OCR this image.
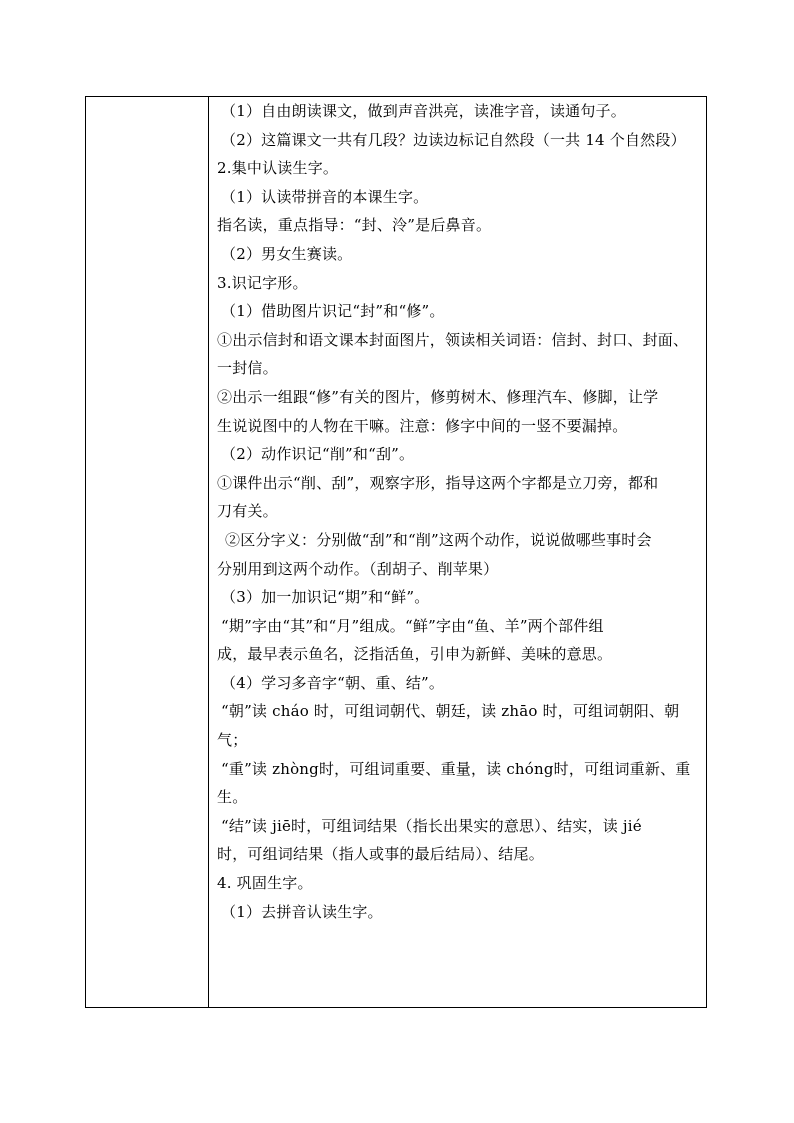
（1）自由朗读课文，做到声音洪亮，读准字音，读通句子。
（2）这篇课文一共有几段？边读边标记自然段（一共 14 个自然段）
2.集中认读生字。
（1）认读带拼音的本课生字。
指名读，重点指导：“封、泠”是后鼻音。
（2）男女生赛读。
3.识记字形。
（1）借助图片识记“封”和“修”。
①出示信封和语文课本封面图片，领读相关词语：信封、封口、封面、
一封信。
②出示一组跟“修”有关的图片，修剪树木、修理汽车、修脚，让学
生说说图中的人物在干嘛。注意：修字中间的一竖不要漏掉。
（2）动作识记“削”和“刮”。
①课件出示“削、刮”，观察字形，指导这两个字都是立刀旁，都和
刀有关。
②区分字义：分别做“刮”和“削”这两个动作，说说做哪些事时会
分别用到这两个动作。（刮胡子、削苹果）
（3）加一加识记“期”和“鲜”。
“期”字由“其”和“月”组成。“鲜”字由“鱼、羊”两个部件组
成，最早表示鱼名，泛指活鱼，引申为新鲜、美味的意思。
（4）学习多音字“朝、重、结”。
“朝”读 cháo 时，可组词朝代、朝廷，读 zhāo 时，可组词朝阳、朝
气；
“重”读 zhòng时，可组词重要、重量，读 chóng时，可组词重新、重
生。
“结”读 jiē时，可组词结果（指长出果实的意思）、结实，读 jié
时，可组词结果（指人或事的最后结局）、结尾。
4. 巩固生字。
（1）去拼音认读生字。
